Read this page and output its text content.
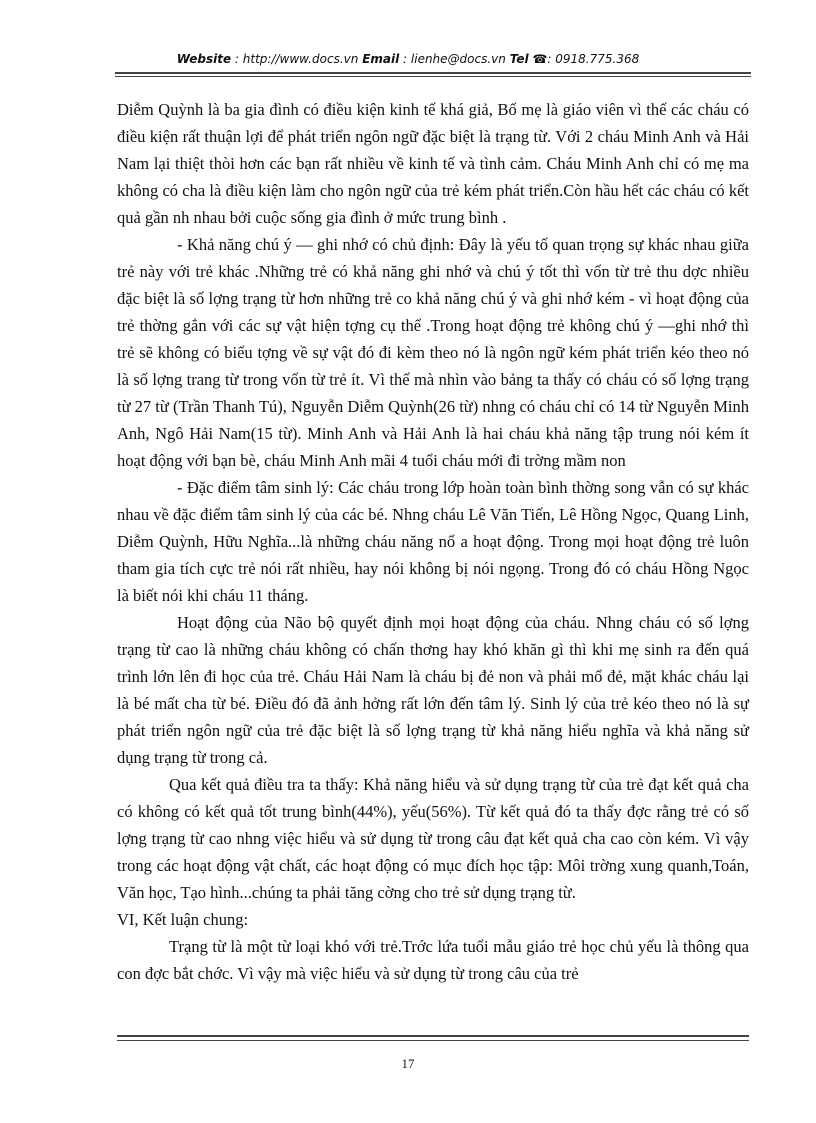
Website : http://www.docs.vn Email : lienhe@docs.vn Tel ☎: 0918.775.368

Diễm Quỳnh là ba gia đình có điều kiện kinh tế khá giả, Bố mẹ là giáo viên vì thế các cháu có điều kiện rất thuận lợi để phát triển ngôn ngữ đặc biệt là trạng từ. Với 2 cháu Minh Anh và Hải Nam lại thiệt thòi hơn các bạn rất nhiều về kinh tế và tình cảm. Cháu Minh Anh chỉ có mẹ ma không có cha là điều kiện làm cho ngôn ngữ của trẻ kém phát triển.Còn hầu hết các cháu có kết quả gần nh nhau bởi cuộc sống gia đình ở mức trung bình .

- Khả năng chú ý — ghi nhớ có chủ định: Đây là yếu tố quan trọng sự khác nhau giữa trẻ này với trẻ khác .Những trẻ có khả năng ghi nhớ và chú ý tốt thì vốn từ trẻ thu dợc nhiều đặc biệt là số lợng trạng từ hơn những trẻ co khả năng chú ý và ghi nhớ kém - vì hoạt động của trẻ thờng gắn với các sự vật hiện tợng cụ thể .Trong hoạt động trẻ không chú ý —ghi nhớ thì trẻ sẽ không có biểu tợng về sự vật đó đi kèm theo nó là ngôn ngữ kém phát triển kéo theo nó là số lợng trang từ trong vốn từ trẻ ít. Vì thế mà nhìn vào bảng ta thấy có cháu có số lợng trạng từ 27 từ (Trần Thanh Tú), Nguyễn Diễm Quỳnh(26 từ) nhng có cháu chỉ có 14 từ Nguyễn Minh Anh, Ngô Hải Nam(15 từ). Minh Anh và Hải Anh là hai cháu khả năng tập trung nói kém ít hoạt động với bạn bè, cháu Minh Anh mãi 4 tuổi cháu mới đi trờng mầm non

- Đặc điểm tâm sinh lý: Các cháu trong lớp hoàn toàn bình thờng song vẫn có sự khác nhau về đặc điểm tâm sinh lý của các bé. Nhng cháu Lê Văn Tiến, Lê Hồng Ngọc, Quang Linh, Diễm Quỳnh, Hữu Nghĩa...là những cháu năng nổ a hoạt động. Trong mọi hoạt động trẻ luôn tham gia tích cực trẻ nói rất nhiều, hay nói không bị nói ngọng. Trong đó có cháu Hồng Ngọc là biết nói khi cháu 11 tháng.

Hoạt động của Não bộ quyết định mọi hoạt động của cháu. Nhng cháu có số lợng trạng từ cao là những cháu không có chấn thơng hay khó khăn gì thì khi mẹ sinh ra đến quá trình lớn lên đi học của trẻ. Cháu Hải Nam là cháu bị đẻ non và phải mổ đẻ, mặt khác cháu lại là bé mất cha từ bé. Điều đó đã ảnh hởng rất lớn đến tâm lý. Sinh lý của trẻ kéo theo nó là sự phát triển ngôn ngữ của trẻ đặc biệt là số lợng trạng từ khả năng hiểu nghĩa và khả năng sử dụng trạng từ trong cả.

Qua kết quả điều tra ta thấy: Khả năng hiểu và sử dụng trạng từ của trẻ đạt kết quả cha có không có kết quả tốt trung bình(44%), yếu(56%). Từ kết quả đó ta thấy đợc rằng trẻ có số lợng trạng từ cao nhng việc hiểu và sử dụng từ trong câu đạt kết quả cha cao còn kém. Vì vậy trong các hoạt động vật chất, các hoạt động có mục đích học tập: Môi trờng xung quanh,Toán, Văn học, Tạo hình...chúng ta phải tăng cờng cho trẻ sử dụng trạng từ.

VI, Kết luận chung:

Trạng từ là một từ loại khó với trẻ.Trớc lứa tuổi mẫu giáo trẻ học chủ yếu là thông qua con đợc bắt chớc. Vì vậy mà việc hiểu và sử dụng từ trong câu của trẻ

17
